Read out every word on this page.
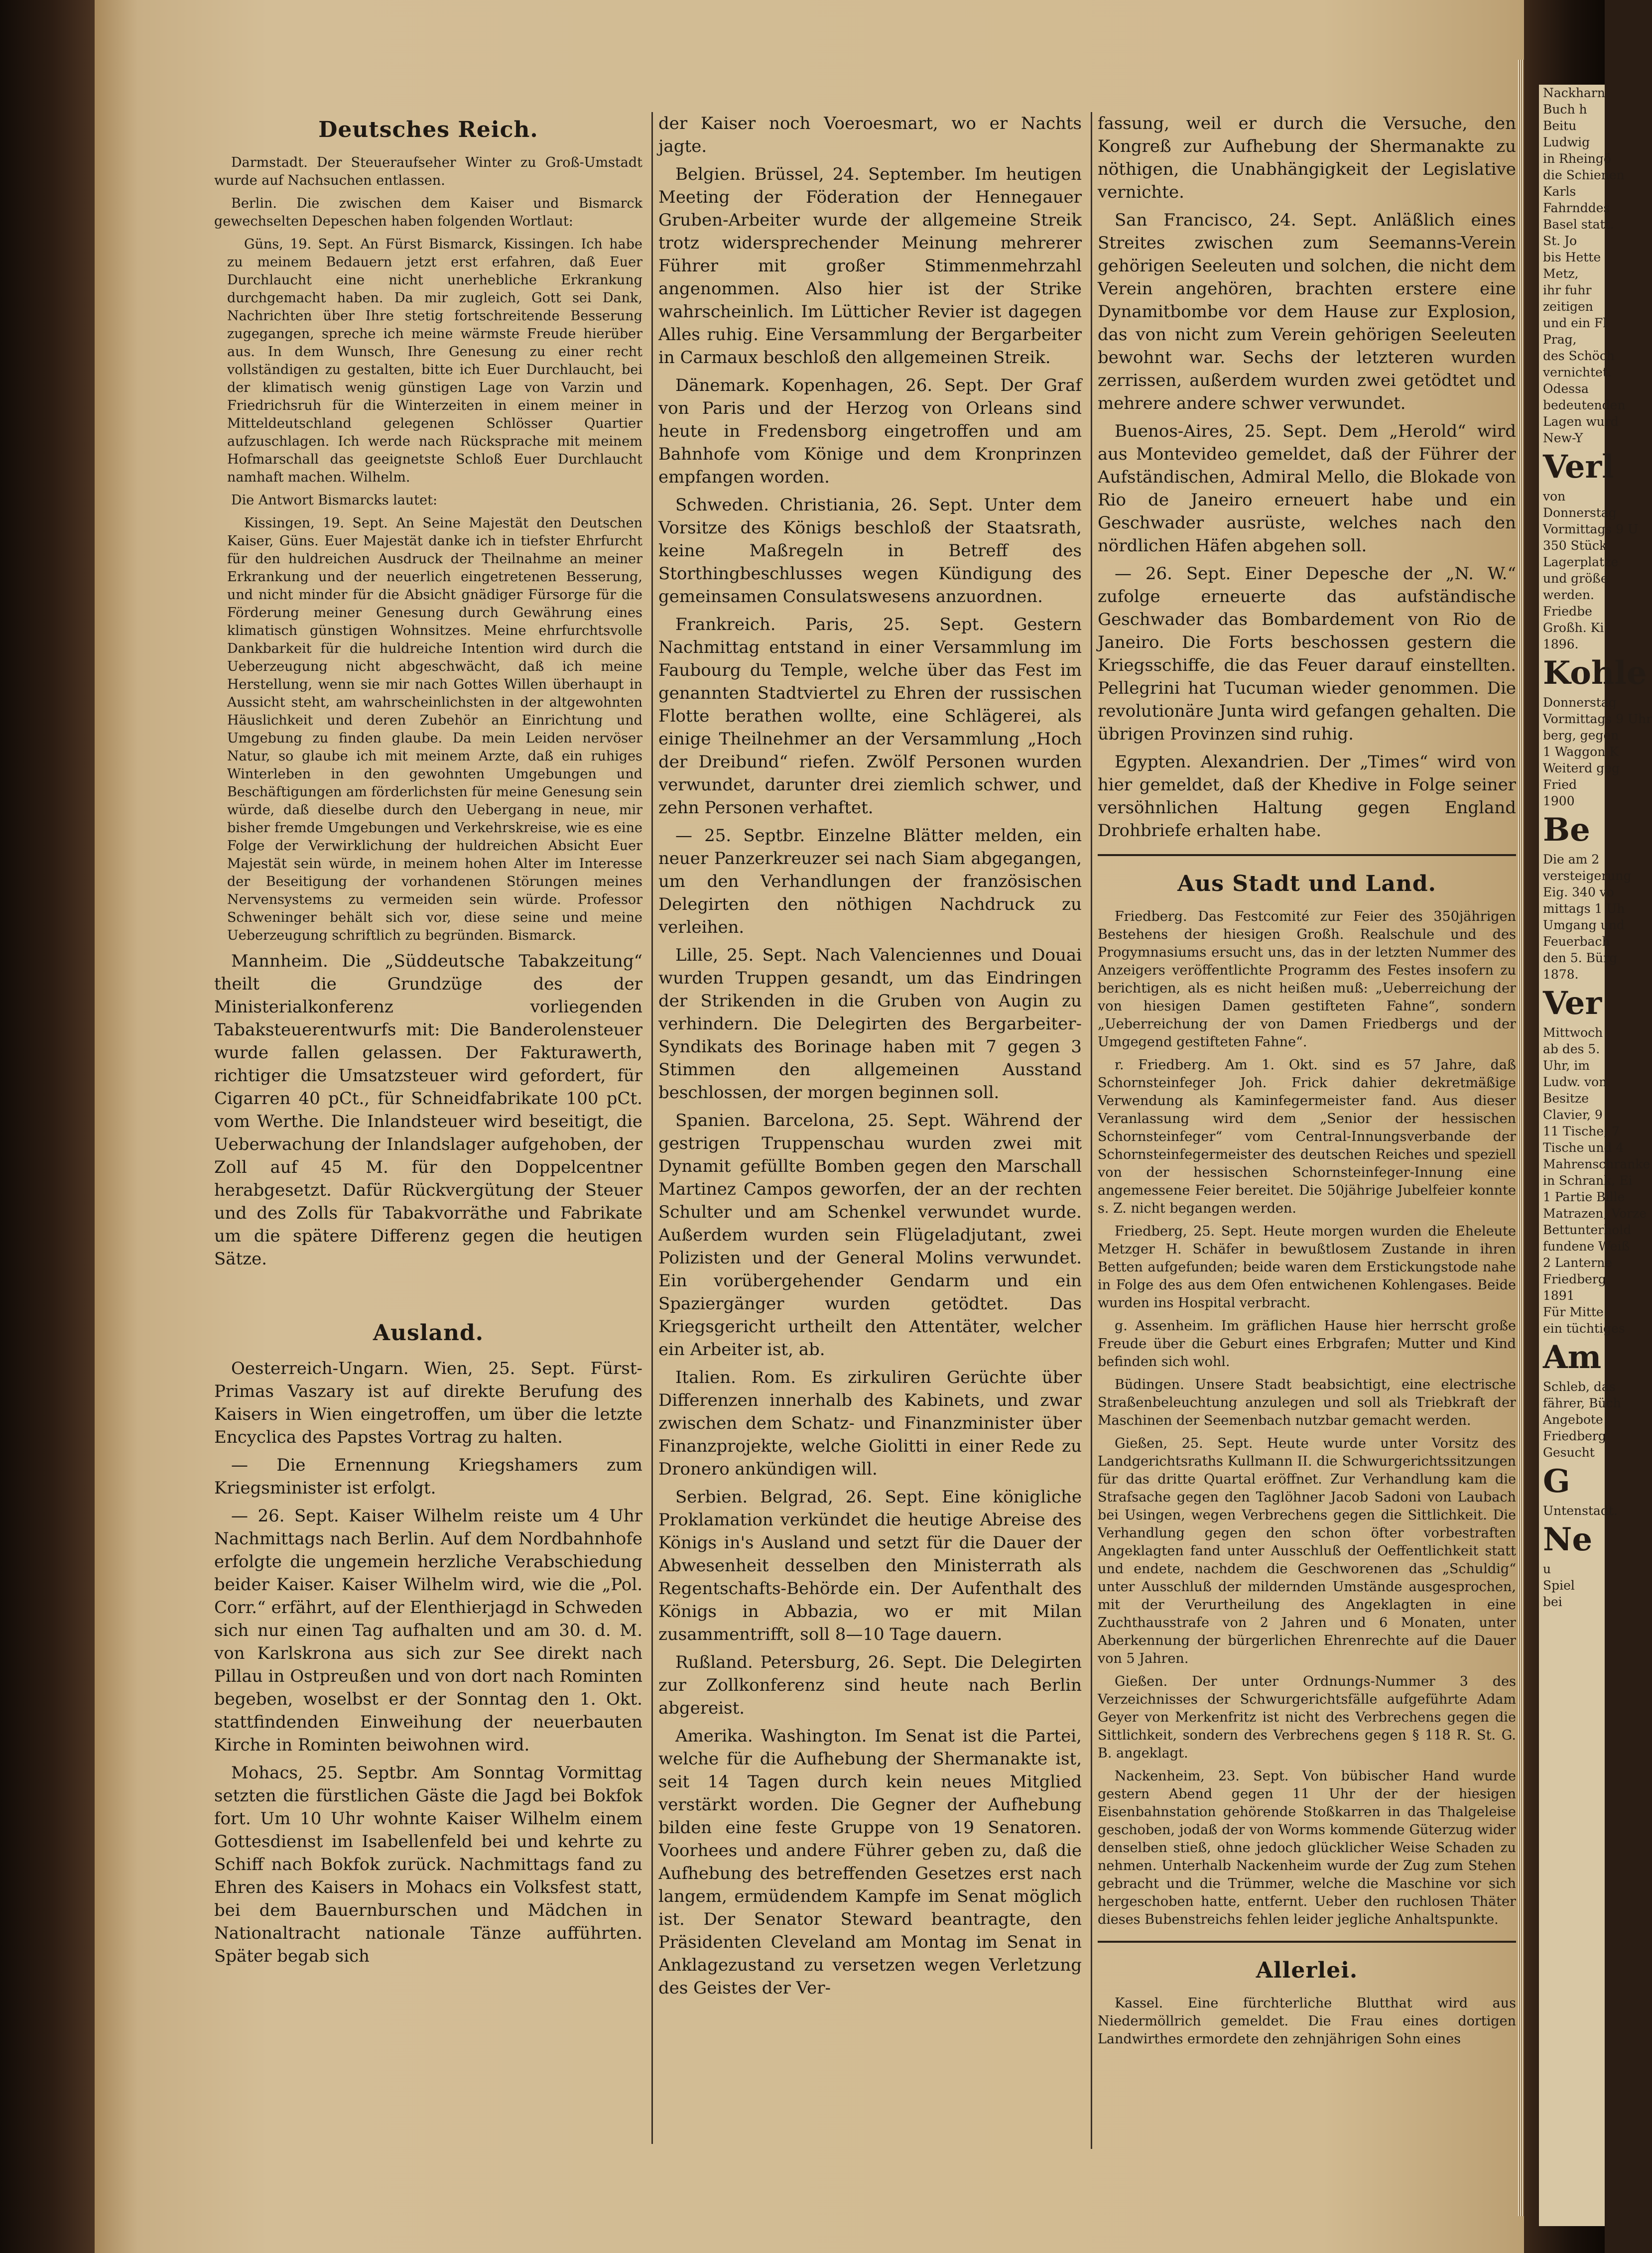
Deutsches Reich.

Darmstadt. Der Steueraufseher Winter zu Groß-Umstadt wurde auf Nachsuchen entlassen.

Berlin. Die zwischen dem Kaiser und Bismarck gewechselten Depeschen haben folgenden Wortlaut:

Güns, 19. Sept. An Fürst Bismarck, Kissingen. Ich habe zu meinem Bedauern jetzt erst erfahren, daß Euer Durchlaucht eine nicht unerhebliche Erkrankung durchgemacht haben. Da mir zugleich, Gott sei Dank, Nachrichten über Ihre stetig fortschreitende Besserung zugegangen, spreche ich meine wärmste Freude hierüber aus. In dem Wunsch, Ihre Genesung zu einer recht vollständigen zu gestalten, bitte ich Euer Durchlaucht, bei der klimatisch wenig günstigen Lage von Varzin und Friedrichsruh für die Winterzeiten in einem meiner in Mitteldeutschland gelegenen Schlösser Quartier aufzuschlagen. Ich werde nach Rücksprache mit meinem Hofmarschall das geeignetste Schloß Euer Durchlaucht namhaft machen. Wilhelm.

Die Antwort Bismarcks lautet:

Kissingen, 19. Sept. An Seine Majestät den Deutschen Kaiser, Güns. Euer Majestät danke ich in tiefster Ehrfurcht für den huldreichen Ausdruck der Theilnahme an meiner Erkrankung und der neuerlich eingetretenen Besserung, und nicht minder für die Absicht gnädiger Fürsorge für die Förderung meiner Genesung durch Gewährung eines klimatisch günstigen Wohnsitzes. Meine ehrfurchtsvolle Dankbarkeit für die huldreiche Intention wird durch die Ueberzeugung nicht abgeschwächt, daß ich meine Herstellung, wenn sie mir nach Gottes Willen überhaupt in Aussicht steht, am wahrscheinlichsten in der altgewohnten Häuslichkeit und deren Zubehör an Einrichtung und Umgebung zu finden glaube. Da mein Leiden nervöser Natur, so glaube ich mit meinem Arzte, daß ein ruhiges Winterleben in den gewohnten Umgebungen und Beschäftigungen am förderlichsten für meine Genesung sein würde, daß dieselbe durch den Uebergang in neue, mir bisher fremde Umgebungen und Verkehrskreise, wie es eine Folge der Verwirklichung der huldreichen Absicht Euer Majestät sein würde, in meinem hohen Alter im Interesse der Beseitigung der vorhandenen Störungen meines Nervensystems zu vermeiden sein würde. Professor Schweninger behält sich vor, diese seine und meine Ueberzeugung schriftlich zu begründen. Bismarck.

Mannheim. Die „Süddeutsche Tabakzeitung“ theilt die Grundzüge des der Ministerialkonferenz vorliegenden Tabaksteuerentwurfs mit: Die Banderolensteuer wurde fallen gelassen. Der Fakturawerth, richtiger die Umsatzsteuer wird gefordert, für Cigarren 40 pCt., für Schneidfabrikate 100 pCt. vom Werthe. Die Inlandsteuer wird beseitigt, die Ueberwachung der Inlandslager aufgehoben, der Zoll auf 45 M. für den Doppelcentner herabgesetzt. Dafür Rückvergütung der Steuer und des Zolls für Tabakvorräthe und Fabrikate um die spätere Differenz gegen die heutigen Sätze.

Ausland.

Oesterreich-Ungarn. Wien, 25. Sept. Fürst-Primas Vaszary ist auf direkte Berufung des Kaisers in Wien eingetroffen, um über die letzte Encyclica des Papstes Vortrag zu halten.

— Die Ernennung Kriegshamers zum Kriegsminister ist erfolgt.

— 26. Sept. Kaiser Wilhelm reiste um 4 Uhr Nachmittags nach Berlin. Auf dem Nordbahnhofe erfolgte die ungemein herzliche Verabschiedung beider Kaiser. Kaiser Wilhelm wird, wie die „Pol. Corr.“ erfährt, auf der Elenthierjagd in Schweden sich nur einen Tag aufhalten und am 30. d. M. von Karlskrona aus sich zur See direkt nach Pillau in Ostpreußen und von dort nach Rominten begeben, woselbst er der Sonntag den 1. Okt. stattfindenden Einweihung der neuerbauten Kirche in Rominten beiwohnen wird.

Mohacs, 25. Septbr. Am Sonntag Vormittag setzten die fürstlichen Gäste die Jagd bei Bokfok fort. Um 10 Uhr wohnte Kaiser Wilhelm einem Gottesdienst im Isabellenfeld bei und kehrte zu Schiff nach Bokfok zurück. Nachmittags fand zu Ehren des Kaisers in Mohacs ein Volksfest statt, bei dem Bauernburschen und Mädchen in Nationaltracht nationale Tänze aufführten. Später begab sich

der Kaiser noch Voeroesmart, wo er Nachts jagte.

Belgien. Brüssel, 24. September. Im heutigen Meeting der Föderation der Hennegauer Gruben-Arbeiter wurde der allgemeine Streik trotz widersprechender Meinung mehrerer Führer mit großer Stimmenmehrzahl angenommen. Also hier ist der Strike wahrscheinlich. Im Lütticher Revier ist dagegen Alles ruhig. Eine Versammlung der Bergarbeiter in Carmaux beschloß den allgemeinen Streik.

Dänemark. Kopenhagen, 26. Sept. Der Graf von Paris und der Herzog von Orleans sind heute in Fredensborg eingetroffen und am Bahnhofe vom Könige und dem Kronprinzen empfangen worden.

Schweden. Christiania, 26. Sept. Unter dem Vorsitze des Königs beschloß der Staatsrath, keine Maßregeln in Betreff des Storthingbeschlusses wegen Kündigung des gemeinsamen Consulatswesens anzuordnen.

Frankreich. Paris, 25. Sept. Gestern Nachmittag entstand in einer Versammlung im Faubourg du Temple, welche über das Fest im genannten Stadtviertel zu Ehren der russischen Flotte berathen wollte, eine Schlägerei, als einige Theilnehmer an der Versammlung „Hoch der Dreibund“ riefen. Zwölf Personen wurden verwundet, darunter drei ziemlich schwer, und zehn Personen verhaftet.

— 25. Septbr. Einzelne Blätter melden, ein neuer Panzerkreuzer sei nach Siam abgegangen, um den Verhandlungen der französischen Delegirten den nöthigen Nachdruck zu verleihen.

Lille, 25. Sept. Nach Valenciennes und Douai wurden Truppen gesandt, um das Eindringen der Strikenden in die Gruben von Augin zu verhindern. Die Delegirten des Bergarbeiter-Syndikats des Borinage haben mit 7 gegen 3 Stimmen den allgemeinen Ausstand beschlossen, der morgen beginnen soll.

Spanien. Barcelona, 25. Sept. Während der gestrigen Truppenschau wurden zwei mit Dynamit gefüllte Bomben gegen den Marschall Martinez Campos geworfen, der an der rechten Schulter und am Schenkel verwundet wurde. Außerdem wurden sein Flügeladjutant, zwei Polizisten und der General Molins verwundet. Ein vorübergehender Gendarm und ein Spaziergänger wurden getödtet. Das Kriegsgericht urtheilt den Attentäter, welcher ein Arbeiter ist, ab.

Italien. Rom. Es zirkuliren Gerüchte über Differenzen innerhalb des Kabinets, und zwar zwischen dem Schatz- und Finanzminister über Finanzprojekte, welche Giolitti in einer Rede zu Dronero ankündigen will.

Serbien. Belgrad, 26. Sept. Eine königliche Proklamation verkündet die heutige Abreise des Königs in's Ausland und setzt für die Dauer der Abwesenheit desselben den Ministerrath als Regentschafts-Behörde ein. Der Aufenthalt des Königs in Abbazia, wo er mit Milan zusammentrifft, soll 8—10 Tage dauern.

Rußland. Petersburg, 26. Sept. Die Delegirten zur Zollkonferenz sind heute nach Berlin abgereist.

Amerika. Washington. Im Senat ist die Partei, welche für die Aufhebung der Shermanakte ist, seit 14 Tagen durch kein neues Mitglied verstärkt worden. Die Gegner der Aufhebung bilden eine feste Gruppe von 19 Senatoren. Voorhees und andere Führer geben zu, daß die Aufhebung des betreffenden Gesetzes erst nach langem, ermüdendem Kampfe im Senat möglich ist. Der Senator Steward beantragte, den Präsidenten Cleveland am Montag im Senat in Anklagezustand zu versetzen wegen Verletzung des Geistes der Ver-

fassung, weil er durch die Versuche, den Kongreß zur Aufhebung der Shermanakte zu nöthigen, die Unabhängigkeit der Legislative vernichte.

San Francisco, 24. Sept. Anläßlich eines Streites zwischen zum Seemanns-Verein gehörigen Seeleuten und solchen, die nicht dem Verein angehören, brachten erstere eine Dynamitbombe vor dem Hause zur Explosion, das von nicht zum Verein gehörigen Seeleuten bewohnt war. Sechs der letzteren wurden zerrissen, außerdem wurden zwei getödtet und mehrere andere schwer verwundet.

Buenos-Aires, 25. Sept. Dem „Herold“ wird aus Montevideo gemeldet, daß der Führer der Aufständischen, Admiral Mello, die Blokade von Rio de Janeiro erneuert habe und ein Geschwader ausrüste, welches nach den nördlichen Häfen abgehen soll.

— 26. Sept. Einer Depesche der „N. W.“ zufolge erneuerte das aufständische Geschwader das Bombardement von Rio de Janeiro. Die Forts beschossen gestern die Kriegsschiffe, die das Feuer darauf einstellten. Pellegrini hat Tucuman wieder genommen. Die revolutionäre Junta wird gefangen gehalten. Die übrigen Provinzen sind ruhig.

Egypten. Alexandrien. Der „Times“ wird von hier gemeldet, daß der Khedive in Folge seiner versöhnlichen Haltung gegen England Drohbriefe erhalten habe.

Aus Stadt und Land.

Friedberg. Das Festcomité zur Feier des 350jährigen Bestehens der hiesigen Großh. Realschule und des Progymnasiums ersucht uns, das in der letzten Nummer des Anzeigers veröffentlichte Programm des Festes insofern zu berichtigen, als es nicht heißen muß: „Ueberreichung der von hiesigen Damen gestifteten Fahne“, sondern „Ueberreichung der von Damen Friedbergs und der Umgegend gestifteten Fahne“.

r. Friedberg. Am 1. Okt. sind es 57 Jahre, daß Schornsteinfeger Joh. Frick dahier dekretmäßige Verwendung als Kaminfegermeister fand. Aus dieser Veranlassung wird dem „Senior der hessischen Schornsteinfeger“ vom Central-Innungsverbande der Schornsteinfegermeister des deutschen Reiches und speziell von der hessischen Schornsteinfeger-Innung eine angemessene Feier bereitet. Die 50jährige Jubelfeier konnte s. Z. nicht begangen werden.

Friedberg, 25. Sept. Heute morgen wurden die Eheleute Metzger H. Schäfer in bewußtlosem Zustande in ihren Betten aufgefunden; beide waren dem Erstickungstode nahe in Folge des aus dem Ofen entwichenen Kohlengases. Beide wurden ins Hospital verbracht.

g. Assenheim. Im gräflichen Hause hier herrscht große Freude über die Geburt eines Erbgrafen; Mutter und Kind befinden sich wohl.

Büdingen. Unsere Stadt beabsichtigt, eine electrische Straßenbeleuchtung anzulegen und soll als Triebkraft der Maschinen der Seemenbach nutzbar gemacht werden.

Gießen, 25. Sept. Heute wurde unter Vorsitz des Landgerichtsraths Kullmann II. die Schwurgerichtssitzungen für das dritte Quartal eröffnet. Zur Verhandlung kam die Strafsache gegen den Taglöhner Jacob Sadoni von Laubach bei Usingen, wegen Verbrechens gegen die Sittlichkeit. Die Verhandlung gegen den schon öfter vorbestraften Angeklagten fand unter Ausschluß der Oeffentlichkeit statt und endete, nachdem die Geschworenen das „Schuldig“ unter Ausschluß der mildernden Umstände ausgesprochen, mit der Verurtheilung des Angeklagten in eine Zuchthausstrafe von 2 Jahren und 6 Monaten, unter Aberkennung der bürgerlichen Ehrenrechte auf die Dauer von 5 Jahren.

Gießen. Der unter Ordnungs-Nummer 3 des Verzeichnisses der Schwurgerichtsfälle aufgeführte Adam Geyer von Merkenfritz ist nicht des Verbrechens gegen die Sittlichkeit, sondern des Verbrechens gegen § 118 R. St. G. B. angeklagt.

Nackenheim, 23. Sept. Von bübischer Hand wurde gestern Abend gegen 11 Uhr der der hiesigen Eisenbahnstation gehörende Stoßkarren in das Thalgeleise geschoben, jodaß der von Worms kommende Güterzug wider denselben stieß, ohne jedoch glücklicher Weise Schaden zu nehmen. Unterhalb Nackenheim wurde der Zug zum Stehen gebracht und die Trümmer, welche die Maschine vor sich hergeschoben hatte, entfernt. Ueber den ruchlosen Thäter dieses Bubenstreichs fehlen leider jegliche Anhaltspunkte.

Allerlei.

Kassel. Eine fürchterliche Blutthat wird aus Niedermöllrich gemeldet. Die Frau eines dortigen Landwirthes ermordete den zehnjährigen Sohn eines

Nackharn
Buch h
Beitu
Ludwig
in Rheingö
die Schienen
Karls
Fahrnddes
Basel statt.
St. Jo
bis Hette
Metz,
ihr fuhr
zeitigen
und ein Fl
Prag,
des Schöch
vernichtet.
Odessa
bedeutenden
Lagen wurd
New-Y
Verl
von
Donnerstag
Vormittags 9 U
350 Stück
Lagerplatze
und größe
werden.
Friedbe
Großh. Ki
1896.
Kohle
Donnerstag
Vormittags 9 Uhr
berg, gegen
1 Waggon K
Weiterd geg
Fried
1900
Be
Die am 2
versteigerung
Eig. 340 vo
mittags 1 Uh
Umgang und
Feuerbach
den 5. Bürg
1878.
Ver
Mittwoch
ab des 5.
Uhr, im
Ludw. von
Besitze
Clavier, 9
11 Tische, 7
Tische und 4
Mahrenschranke
in Schrank, Ei
1 Partie Bille
Matrazen, Vorze
Bettunterhold
fundene Weiß
2 Lanterne
Friedberg
1891
Für Mitte
ein tüchtiges
Am
Schleb, das
fährer, Büch
Angebote
Friedberg
Gesucht
G
Untenstadt.
Ne
u
Spiel
bei
